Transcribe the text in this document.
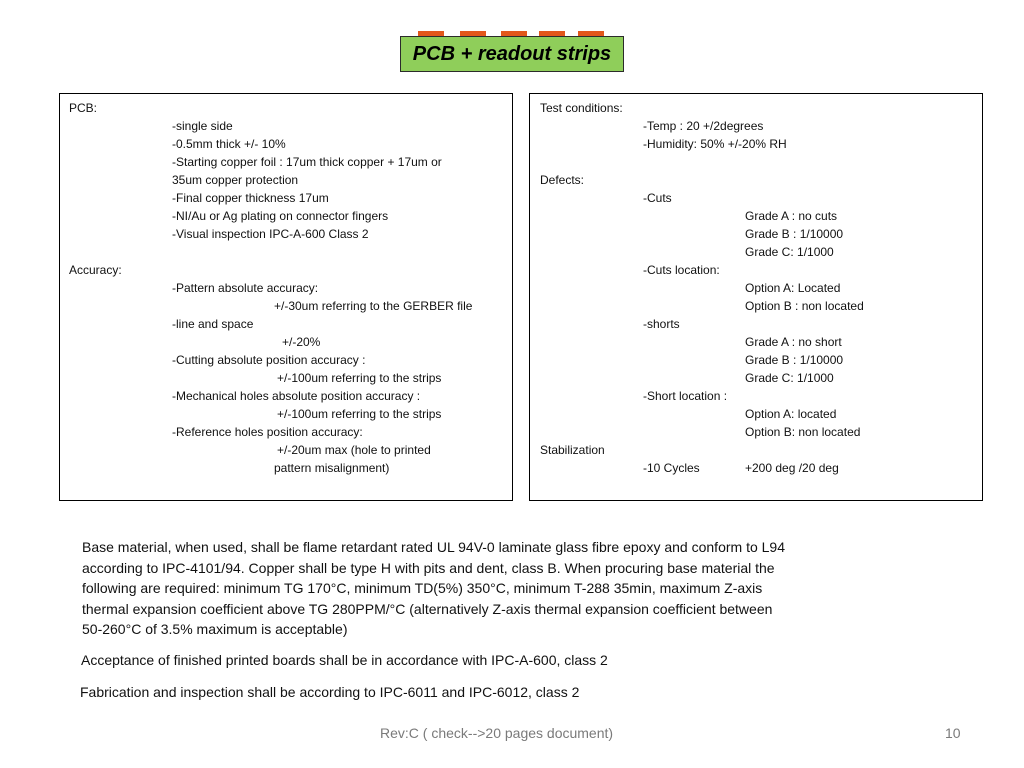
PCB + readout strips
PCB:
-single side
-0.5mm thick +/- 10%
-Starting copper foil : 17um thick copper + 17um or
35um copper protection
-Final copper thickness 17um
-NI/Au or Ag plating on connector fingers
-Visual inspection IPC-A-600 Class 2
Accuracy:
-Pattern absolute accuracy:
+/-30um referring to the GERBER file
-line and space
+/-20%
-Cutting absolute position accuracy :
+/-100um referring to the strips
-Mechanical holes absolute position accuracy :
+/-100um referring to the strips
-Reference holes position accuracy:
+/-20um max (hole to printed
pattern misalignment)
Test conditions:
-Temp : 20 +/2degrees
-Humidity: 50% +/-20% RH
Defects:
-Cuts
Grade A : no cuts
Grade B : 1/10000
Grade C: 1/1000
-Cuts location:
Option A: Located
Option B : non located
-shorts
Grade A : no short
Grade B : 1/10000
Grade C: 1/1000
-Short location :
Option A: located
Option B: non located
Stabilization
-10 Cycles	+200 deg /20 deg
Base material, when used, shall be flame retardant rated UL 94V-0 laminate glass fibre epoxy and conform to L94
according to IPC-4101/94. Copper shall be type H with pits and dent, class B. When procuring base material the
following are required: minimum TG 170°C, minimum TD(5%) 350°C, minimum T-288 35min, maximum Z-axis
thermal expansion coefficient above TG 280PPM/°C (alternatively Z-axis thermal expansion coefficient between
50-260°C of 3.5% maximum is acceptable)
Acceptance of finished printed boards shall be in accordance with IPC-A-600, class 2
Fabrication and inspection shall be according to IPC-6011 and IPC-6012, class 2
Rev:C ( check-->20 pages document)	10
